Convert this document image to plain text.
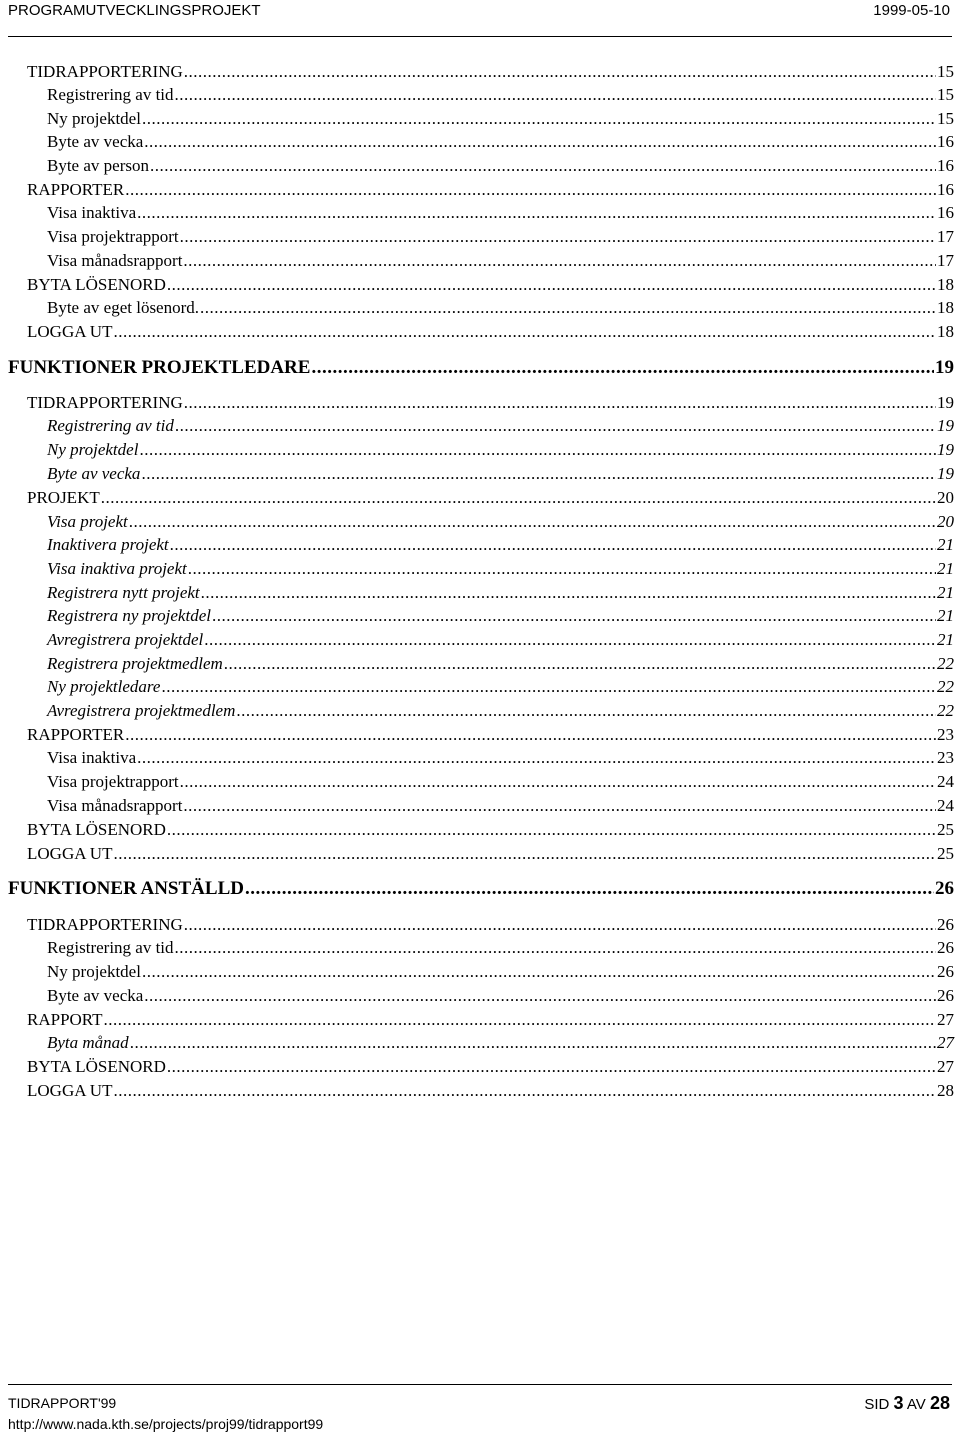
PROGRAMUTVECKLINGSPROJEKT	1999-05-10
TIDRAPPORTERING .....	15
Registrering av tid .....	15
Ny projektdel .....	15
Byte av vecka .....	16
Byte av person .....	16
RAPPORTER .....	16
Visa inaktiva .....	16
Visa projektrapport .....	17
Visa månadsrapport .....	17
BYTA LÖSENORD .....	18
Byte av eget lösenord. .....	18
LOGGA UT .....	18
FUNKTIONER PROJEKTLEDARE .....	19
TIDRAPPORTERING .....	19
Registrering av tid .....	19
Ny projektdel .....	19
Byte av vecka .....	19
PROJEKT .....	20
Visa projekt .....	20
Inaktivera projekt .....	21
Visa inaktiva projekt .....	21
Registrera nytt projekt .....	21
Registrera ny projektdel .....	21
Avregistrera projektdel .....	21
Registrera projektmedlem .....	22
Ny projektledare .....	22
Avregistrera projektmedlem .....	22
RAPPORTER .....	23
Visa inaktiva .....	23
Visa projektrapport .....	24
Visa månadsrapport .....	24
BYTA LÖSENORD .....	25
LOGGA UT .....	25
FUNKTIONER ANSTÄLLD .....	26
TIDRAPPORTERING .....	26
Registrering av tid .....	26
Ny projektdel .....	26
Byte av vecka .....	26
RAPPORT .....	27
Byta månad .....	27
BYTA LÖSENORD .....	27
LOGGA UT .....	28
TIDRAPPORT'99
http://www.nada.kth.se/projects/proj99/tidrapport99
SID 3 AV 28
